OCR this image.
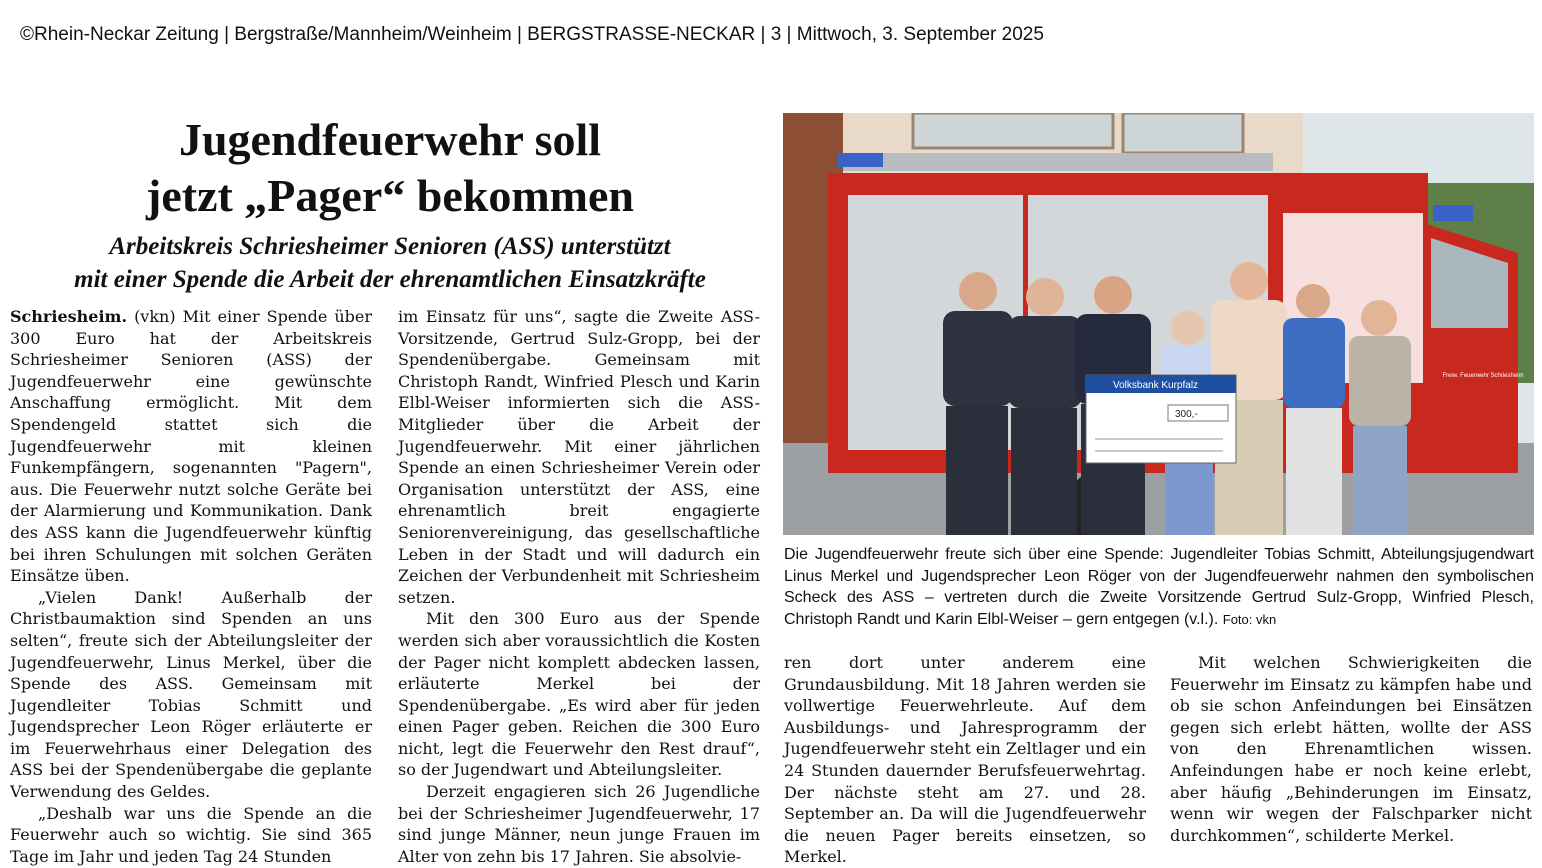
©Rhein-Neckar Zeitung | Bergstraße/Mannheim/Weinheim | BERGSTRASSE-NECKAR | 3 | Mittwoch, 3. September 2025
Jugendfeuerwehr soll
jetzt „Pager“ bekommen
Arbeitskreis Schriesheimer Senioren (ASS) unterstützt
mit einer Spende die Arbeit der ehrenamtlichen Einsatzkräfte

Schriesheim. (vkn) Mit einer Spende über 300 Euro hat der Arbeitskreis Schriesheimer Senioren (ASS) der Jugendfeuerwehr eine gewünschte Anschaffung ermöglicht. Mit dem Spendengeld stattet sich die Jugendfeuerwehr mit kleinen Funkempfängern, sogenannten "Pagern", aus. Die Feuerwehr nutzt solche Geräte bei der Alarmierung und Kommunikation. Dank des ASS kann die Jugendfeuerwehr künftig bei ihren Schulungen mit solchen Geräten Einsätze üben.

„Vielen Dank! Außerhalb der Christbaumaktion sind Spenden an uns selten“, freute sich der Abteilungsleiter der Jugendfeuerwehr, Linus Merkel, über die Spende des ASS. Gemeinsam mit Jugendleiter Tobias Schmitt und Jugendsprecher Leon Röger erläuterte er im Feuerwehrhaus einer Delegation des ASS bei der Spendenübergabe die geplante Verwendung des Geldes.

„Deshalb war uns die Spende an die Feuerwehr auch so wichtig. Sie sind 365 Tage im Jahr und jeden Tag 24 Stunden

im Einsatz für uns“, sagte die Zweite ASS-Vorsitzende, Gertrud Sulz-Gropp, bei der Spendenübergabe. Gemeinsam mit Christoph Randt, Winfried Plesch und Karin Elbl-Weiser informierten sich die ASS-Mitglieder über die Arbeit der Jugendfeuerwehr. Mit einer jährlichen Spende an einen Schriesheimer Verein oder Organisation unterstützt der ASS, eine ehrenamtlich breit engagierte Seniorenvereinigung, das gesellschaftliche Leben in der Stadt und will dadurch ein Zeichen der Verbundenheit mit Schriesheim setzen.

Mit den 300 Euro aus der Spende werden sich aber voraussichtlich die Kosten der Pager nicht komplett abdecken lassen, erläuterte Merkel bei der Spendenübergabe. „Es wird aber für jeden einen Pager geben. Reichen die 300 Euro nicht, legt die Feuerwehr den Rest drauf“, so der Jugendwart und Abteilungsleiter.

Derzeit engagieren sich 26 Jugendliche bei der Schriesheimer Jugendfeuerwehr, 17 sind junge Männer, neun junge Frauen im Alter von zehn bis 17 Jahren. Sie absolvie-

Freiw. Feuerwehr Schriesheim
Volksbank Kurpfalz
300,-
Die Jugendfeuerwehr freute sich über eine Spende: Jugendleiter Tobias Schmitt, Abteilungsjugendwart Linus Merkel und Jugendsprecher Leon Röger von der Jugendfeuerwehr nahmen den symbolischen Scheck des ASS – vertreten durch die Zweite Vorsitzende Gertrud Sulz-Gropp, Winfried Plesch, Christoph Randt und Karin Elbl-Weiser – gern entgegen (v.l.). Foto: vkn

ren dort unter anderem eine Grundausbildung. Mit 18 Jahren werden sie vollwertige Feuerwehrleute. Auf dem Ausbildungs- und Jahresprogramm der Jugendfeuerwehr steht ein Zeltlager und ein 24 Stunden dauernder Berufsfeuerwehrtag. Der nächste steht am 27. und 28. September an. Da will die Jugendfeuerwehr die neuen Pager bereits einsetzen, so Merkel.

Mit welchen Schwierigkeiten die Feuerwehr im Einsatz zu kämpfen habe und ob sie schon Anfeindungen bei Einsätzen gegen sich erlebt hätten, wollte der ASS von den Ehrenamtlichen wissen. Anfeindungen habe er noch keine erlebt, aber häufig „Behinderungen im Einsatz, wenn wir wegen der Falschparker nicht durchkommen“, schilderte Merkel.
